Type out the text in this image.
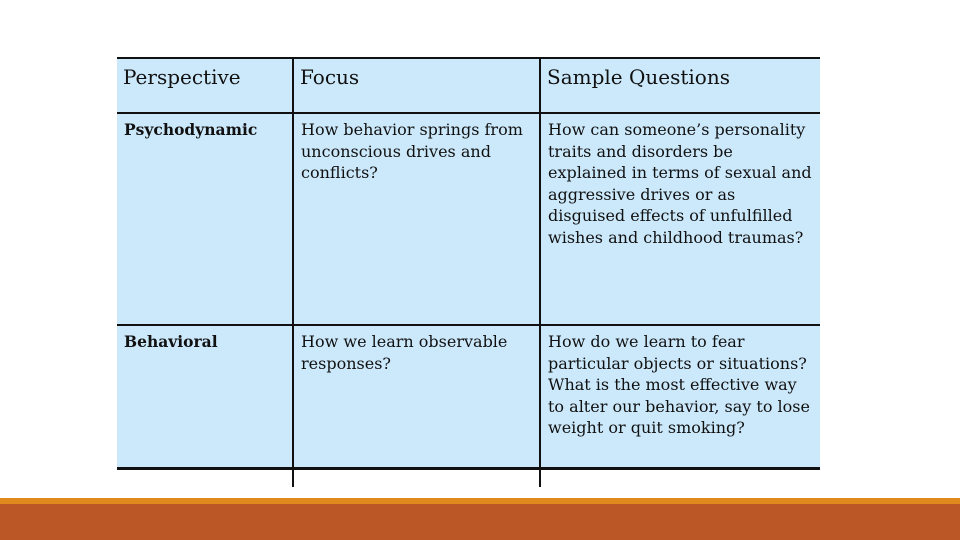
Perspective	Focus	Sample Questions
Psychodynamic	How behavior springs from unconscious drives and conflicts?	How can someone’s personality traits and disorders be explained in terms of sexual and aggressive drives or as disguised effects of unfulfilled wishes and childhood traumas?
Behavioral	How we learn observable responses?	How do we learn to fear particular objects or situations? What is the most effective way to alter our behavior, say to lose weight or quit smoking?
